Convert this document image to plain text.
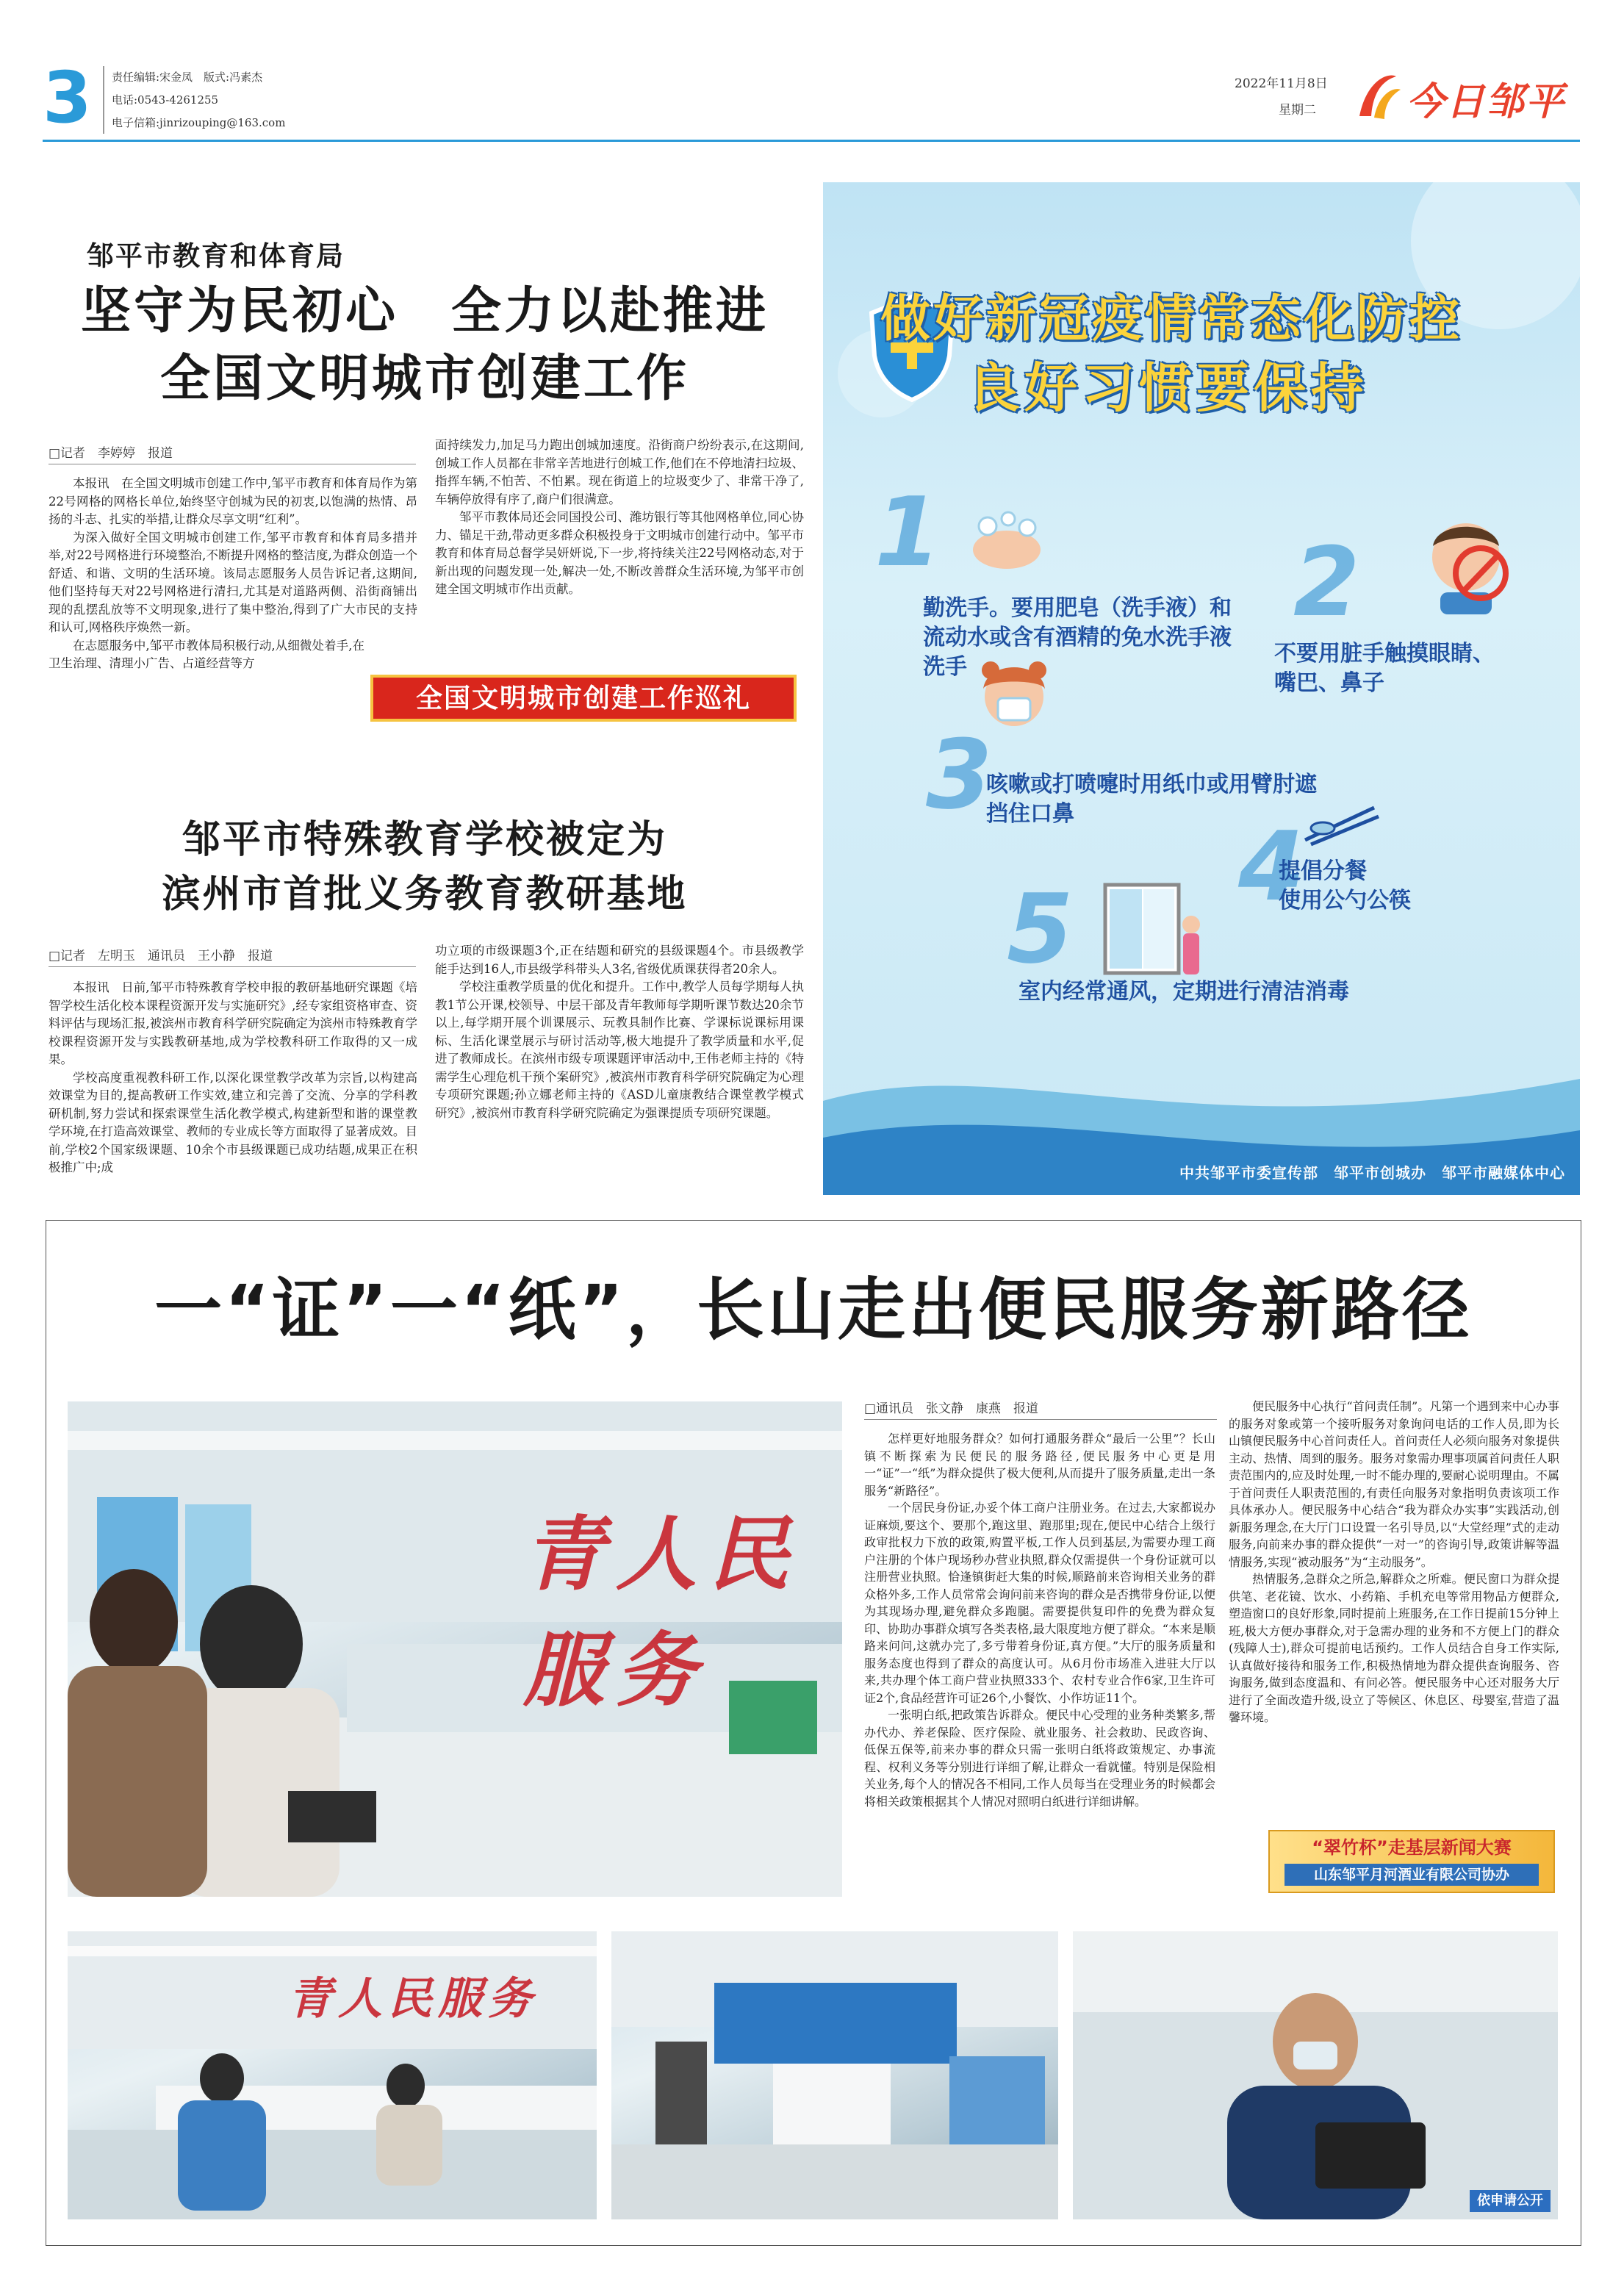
3 责任编辑:宋金凤　版式:冯素杰
电话:0543-4261255
电子信箱:jinrizouping@163.com
2022年11月8日
星期二	今日邹平
邹平市教育和体育局
坚守为民初心　全力以赴推进
全国文明城市创建工作
□记者　李婷婷　报道

本报讯　在全国文明城市创建工作中,邹平市教育和体育局作为第22号网格的网格长单位,始终坚守创城为民的初衷,以饱满的热情、昂扬的斗志、扎实的举措,让群众尽享文明“红利”。

为深入做好全国文明城市创建工作,邹平市教育和体育局多措并举,对22号网格进行环境整治,不断提升网格的整洁度,为群众创造一个舒适、和谐、文明的生活环境。该局志愿服务人员告诉记者,这期间,他们坚持每天对22号网格进行清扫,尤其是对道路两侧、沿街商铺出现的乱摆乱放等不文明现象,进行了集中整治,得到了广大市民的支持和认可,网格秩序焕然一新。

在志愿服务中,邹平市教体局积极行动,从细微处着手,在卫生治理、清理小广告、占道经营等方

面持续发力,加足马力跑出创城加速度。沿街商户纷纷表示,在这期间,创城工作人员都在非常辛苦地进行创城工作,他们在不停地清扫垃圾、指挥车辆,不怕苦、不怕累。现在街道上的垃圾变少了、非常干净了,车辆停放得有序了,商户们很满意。

邹平市教体局还会同国投公司、潍坊银行等其他网格单位,同心协力、锚足干劲,带动更多群众积极投身于文明城市创建行动中。邹平市教育和体育局总督学吴妍妍说,下一步,将持续关注22号网格动态,对于新出现的问题发现一处,解决一处,不断改善群众生活环境,为邹平市创建全国文明城市作出贡献。

全国文明城市创建工作巡礼
邹平市特殊教育学校被定为
滨州市首批义务教育教研基地
□记者　左明玉　通讯员　王小静　报道

本报讯　日前,邹平市特殊教育学校申报的教研基地研究课题《培智学校生活化校本课程资源开发与实施研究》,经专家组资格审查、资料评估与现场汇报,被滨州市教育科学研究院确定为滨州市特殊教育学校课程资源开发与实践教研基地,成为学校教科研工作取得的又一成果。

学校高度重视教科研工作,以深化课堂教学改革为宗旨,以构建高效课堂为目的,提高教研工作实效,建立和完善了交流、分享的学科教研机制,努力尝试和探索课堂生活化教学模式,构建新型和谐的课堂教学环境,在打造高效课堂、教师的专业成长等方面取得了显著成效。目前,学校2个国家级课题、10余个市县级课题已成功结题,成果正在积极推广中;成

功立项的市级课题3个,正在结题和研究的县级课题4个。市县级教学能手达到16人,市县级学科带头人3名,省级优质课获得者20余人。

学校注重教学质量的优化和提升。工作中,教学人员每学期每人执教1节公开课,校领导、中层干部及青年教师每学期听课节数达20余节以上,每学期开展个训课展示、玩教具制作比赛、学课标说课标用课标、生活化课堂展示与研讨活动等,极大地提升了教学质量和水平,促进了教师成长。在滨州市级专项课题评审活动中,王伟老师主持的《特需学生心理危机干预个案研究》,被滨州市教育科学研究院确定为心理专项研究课题;孙立娜老师主持的《ASD儿童康教结合课堂教学模式研究》,被滨州市教育科学研究院确定为强课提质专项研究课题。

做好新冠疫情常态化防控
良好习惯要保持
1
勤洗手。要用肥皂（洗手液）和流动水或含有酒精的免水洗手液洗手
2
不要用脏手触摸眼睛、嘴巴、鼻子
3
咳嗽或打喷嚏时用纸巾或用臂肘遮挡住口鼻	4
提倡分餐
使用公勺公筷
5
室内经常通风，定期进行清洁消毒
中共邹平市委宣传部　邹平市创城办　邹平市融媒体中心
一“证”一“纸”，长山走出便民服务新路径
青人民服务
□通讯员　张文静　康燕　报道

怎样更好地服务群众？如何打通服务群众“最后一公里”？长山镇不断探索为民便民的服务路径,便民服务中心更是用一“证”一“纸”为群众提供了极大便利,从而提升了服务质量,走出一条服务“新路径”。

一个居民身份证,办妥个体工商户注册业务。在过去,大家都说办证麻烦,要这个、要那个,跑这里、跑那里;现在,便民中心结合上级行政审批权力下放的政策,购置平板,工作人员到基层,为需要办理工商户注册的个体户现场秒办营业执照,群众仅需提供一个身份证就可以注册营业执照。恰逢镇街赶大集的时候,顺路前来咨询相关业务的群众格外多,工作人员常常会询问前来咨询的群众是否携带身份证,以便为其现场办理,避免群众多跑腿。需要提供复印件的免费为群众复印、协助办事群众填写各类表格,最大限度地方便了群众。“本来是顺路来问问,这就办完了,多亏带着身份证,真方便。”大厅的服务质量和服务态度也得到了群众的高度认可。从6月份市场准入进驻大厅以来,共办理个体工商户营业执照333个、农村专业合作6家,卫生许可证2个,食品经营许可证26个,小餐饮、小作坊证11个。

一张明白纸,把政策告诉群众。便民中心受理的业务种类繁多,帮办代办、养老保险、医疗保险、就业服务、社会救助、民政咨询、低保五保等,前来办事的群众只需一张明白纸将政策规定、办事流程、权利义务等分别进行详细了解,让群众一看就懂。特别是保险相关业务,每个人的情况各不相同,工作人员每当在受理业务的时候都会将相关政策根据其个人情况对照明白纸进行详细讲解。

便民服务中心执行“首问责任制”。凡第一个遇到来中心办事的服务对象或第一个接听服务对象询问电话的工作人员,即为长山镇便民服务中心首问责任人。首问责任人必须向服务对象提供主动、热情、周到的服务。服务对象需办理事项属首问责任人职责范围内的,应及时处理,一时不能办理的,要耐心说明理由。不属于首问责任人职责范围的,有责任向服务对象指明负责该项工作具体承办人。便民服务中心结合“我为群众办实事”实践活动,创新服务理念,在大厅门口设置一名引导员,以“大堂经理”式的走动服务,向前来办事的群众提供“一对一”的咨询引导,政策讲解等温情服务,实现“被动服务”为“主动服务”。

热情服务,急群众之所急,解群众之所难。便民窗口为群众提供笔、老花镜、饮水、小药箱、手机充电等常用物品方便群众,塑造窗口的良好形象,同时提前上班服务,在工作日提前15分钟上班,极大方便办事群众,对于急需办理的业务和不方便上门的群众(残障人士),群众可提前电话预约。工作人员结合自身工作实际,认真做好接待和服务工作,积极热情地为群众提供查询服务、咨询服务,做到态度温和、有问必答。便民服务中心还对服务大厅进行了全面改造升级,设立了等候区、休息区、母婴室,营造了温馨环境。

“翠竹杯”走基层新闻大赛
山东邹平月河酒业有限公司协办
青人民服务
依申请公开
